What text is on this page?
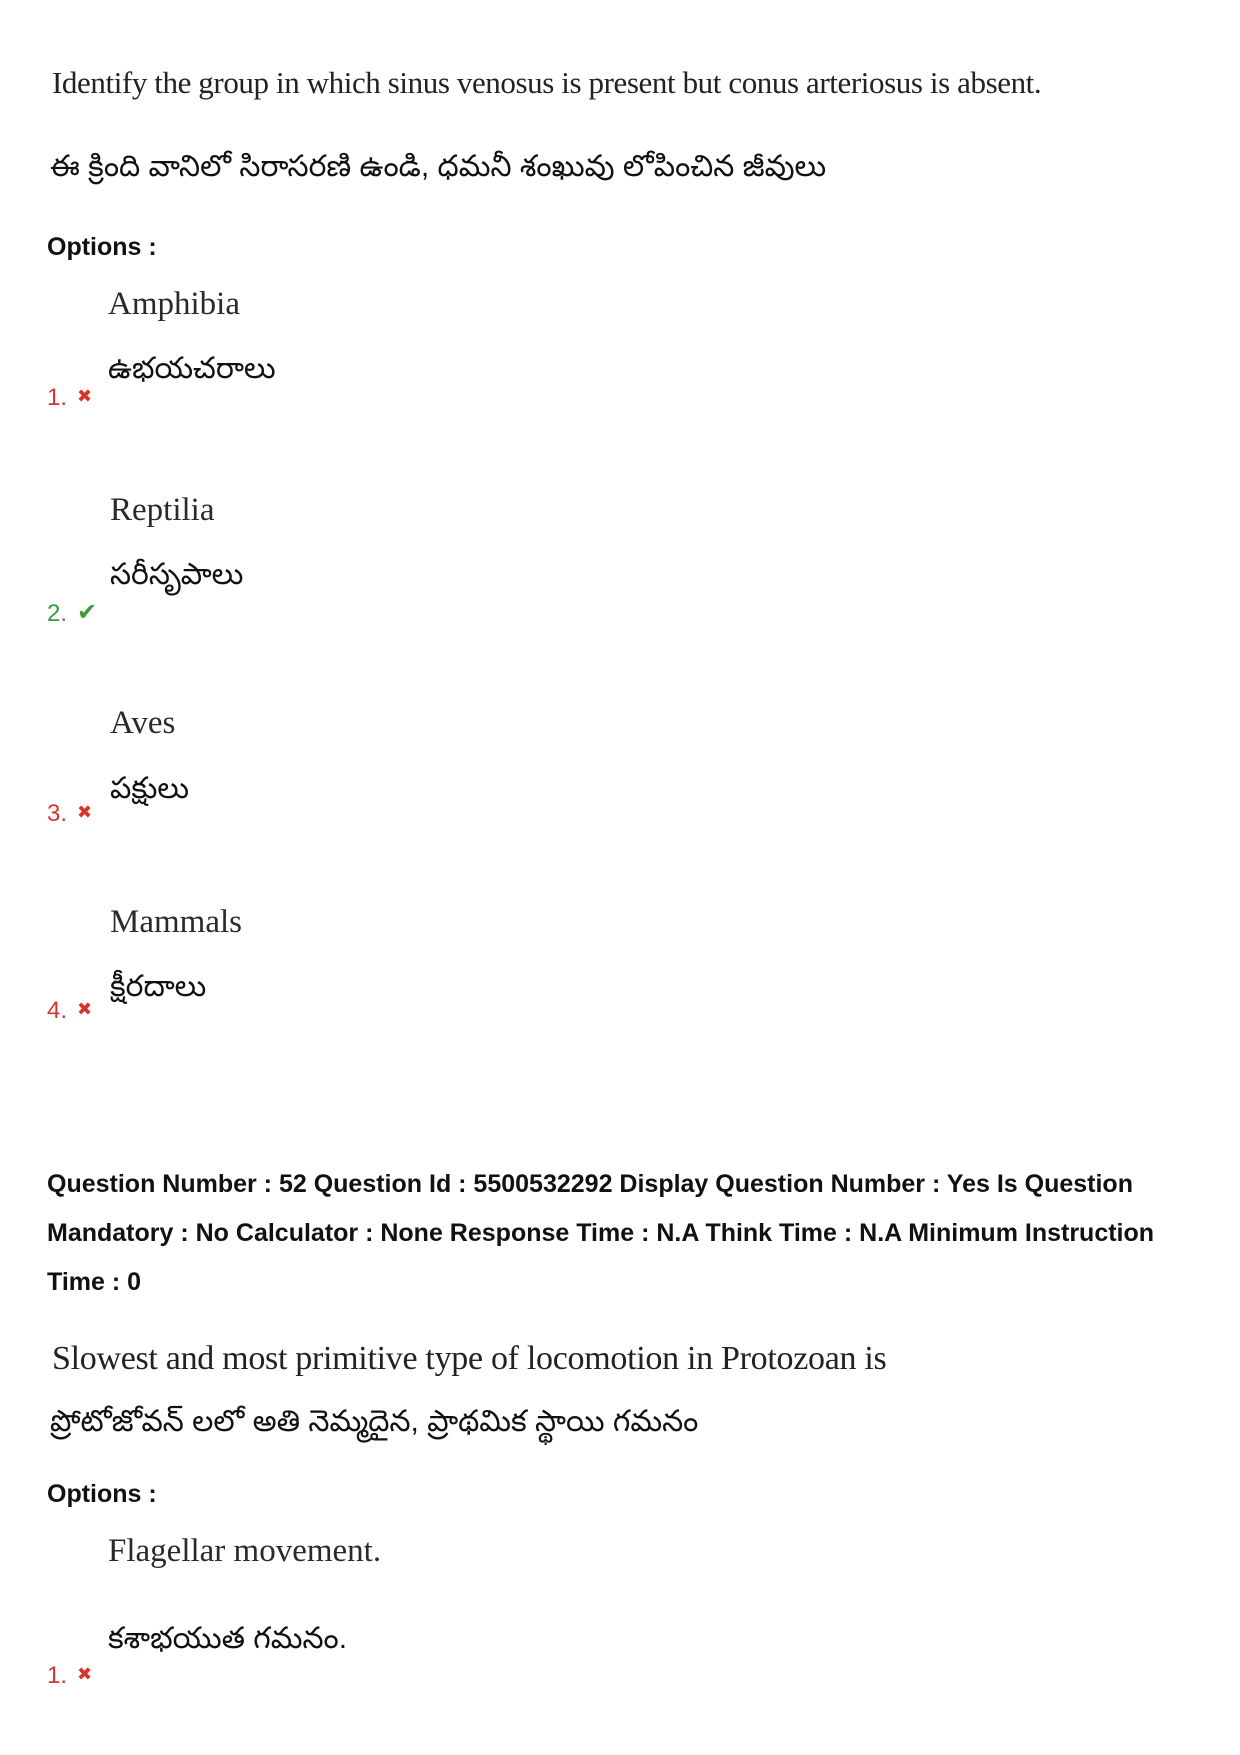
Identify the group in which sinus venosus is present but conus arteriosus is absent.
ఈ క్రింది వానిలో సిరాసరణి ఉండి, ధమనీ శంఖువు లోపించిన జీవులు
Options :
Amphibia
ఉభయచరాలు
1. ✖
Reptilia
సరీసృపాలు
2. ✔
Aves
పక్షులు
3. ✖
Mammals
క్షీరదాలు
4. ✖
Question Number : 52 Question Id : 5500532292 Display Question Number : Yes Is Question Mandatory : No Calculator : None Response Time : N.A Think Time : N.A Minimum Instruction Time : 0
Slowest and most primitive type of locomotion in Protozoan is
ప్రోటోజోవన్ లలో అతి నెమ్మదైన, ప్రాథమిక స్థాయి గమనం
Options :
Flagellar movement.
కశాభయుత గమనం.
1. ✖
